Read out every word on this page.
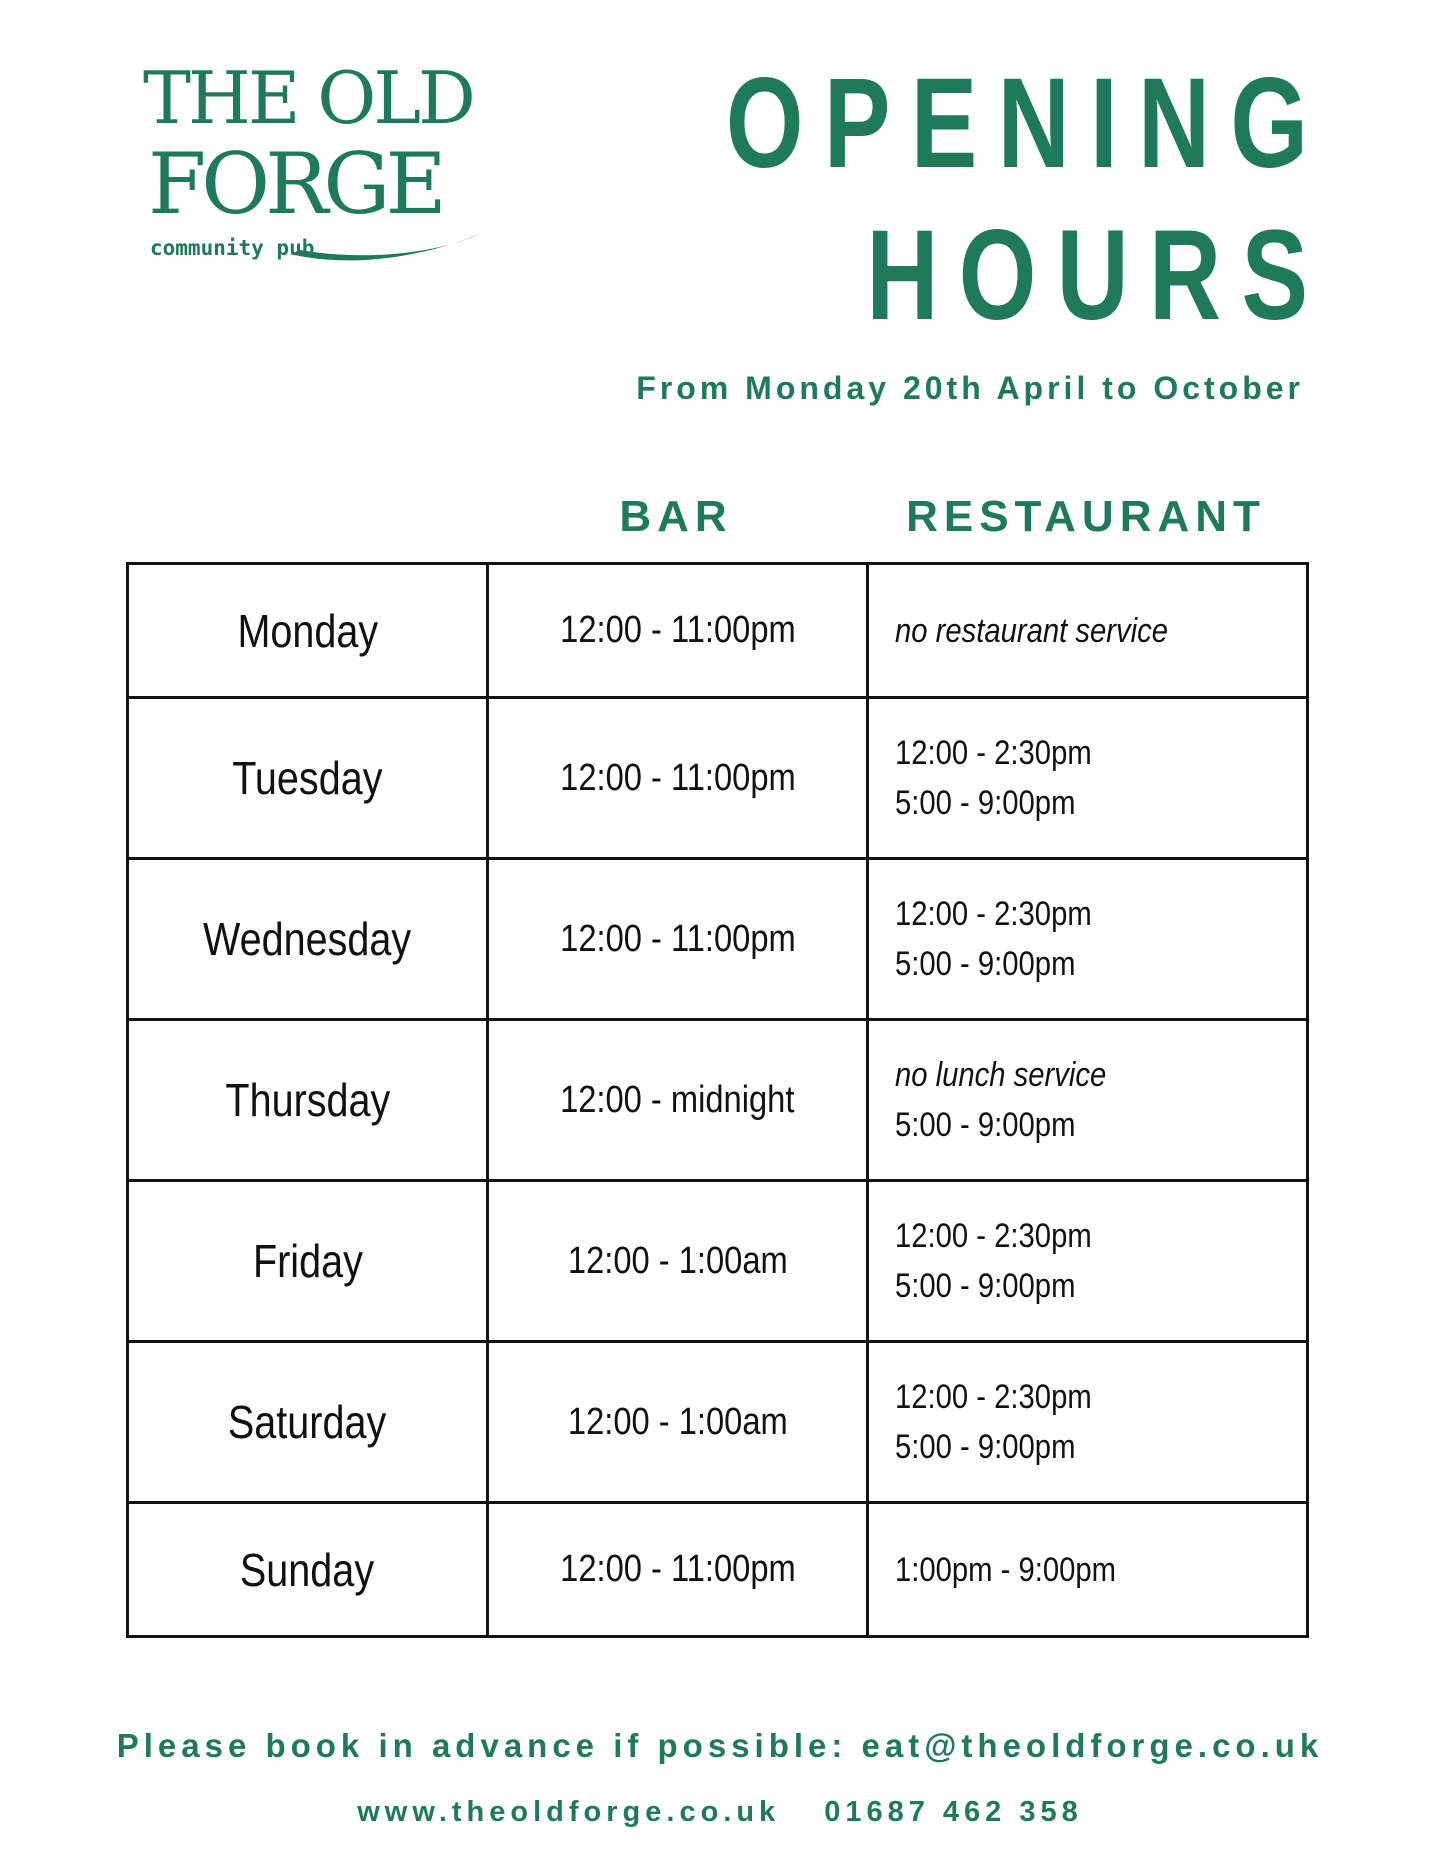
THE OLD
FORGE
community pub
OPENING
HOURS
From Monday 20th April to October
BAR	RESTAURANT
Monday	12:00 - 11:00pm	no restaurant service

Tuesday	12:00 - 11:00pm	12:00 - 2:30pm
5:00 - 9:00pm

Wednesday	12:00 - 11:00pm	12:00 - 2:30pm
5:00 - 9:00pm

Thursday	12:00 - midnight	no lunch service
5:00 - 9:00pm

Friday	12:00 - 1:00am	12:00 - 2:30pm
5:00 - 9:00pm

Saturday	12:00 - 1:00am	12:00 - 2:30pm
5:00 - 9:00pm

Sunday	12:00 - 11:00pm	1:00pm - 9:00pm
Please book in advance if possible: eat@theoldforge.co.uk
www.theoldforge.co.uk 01687 462 358
